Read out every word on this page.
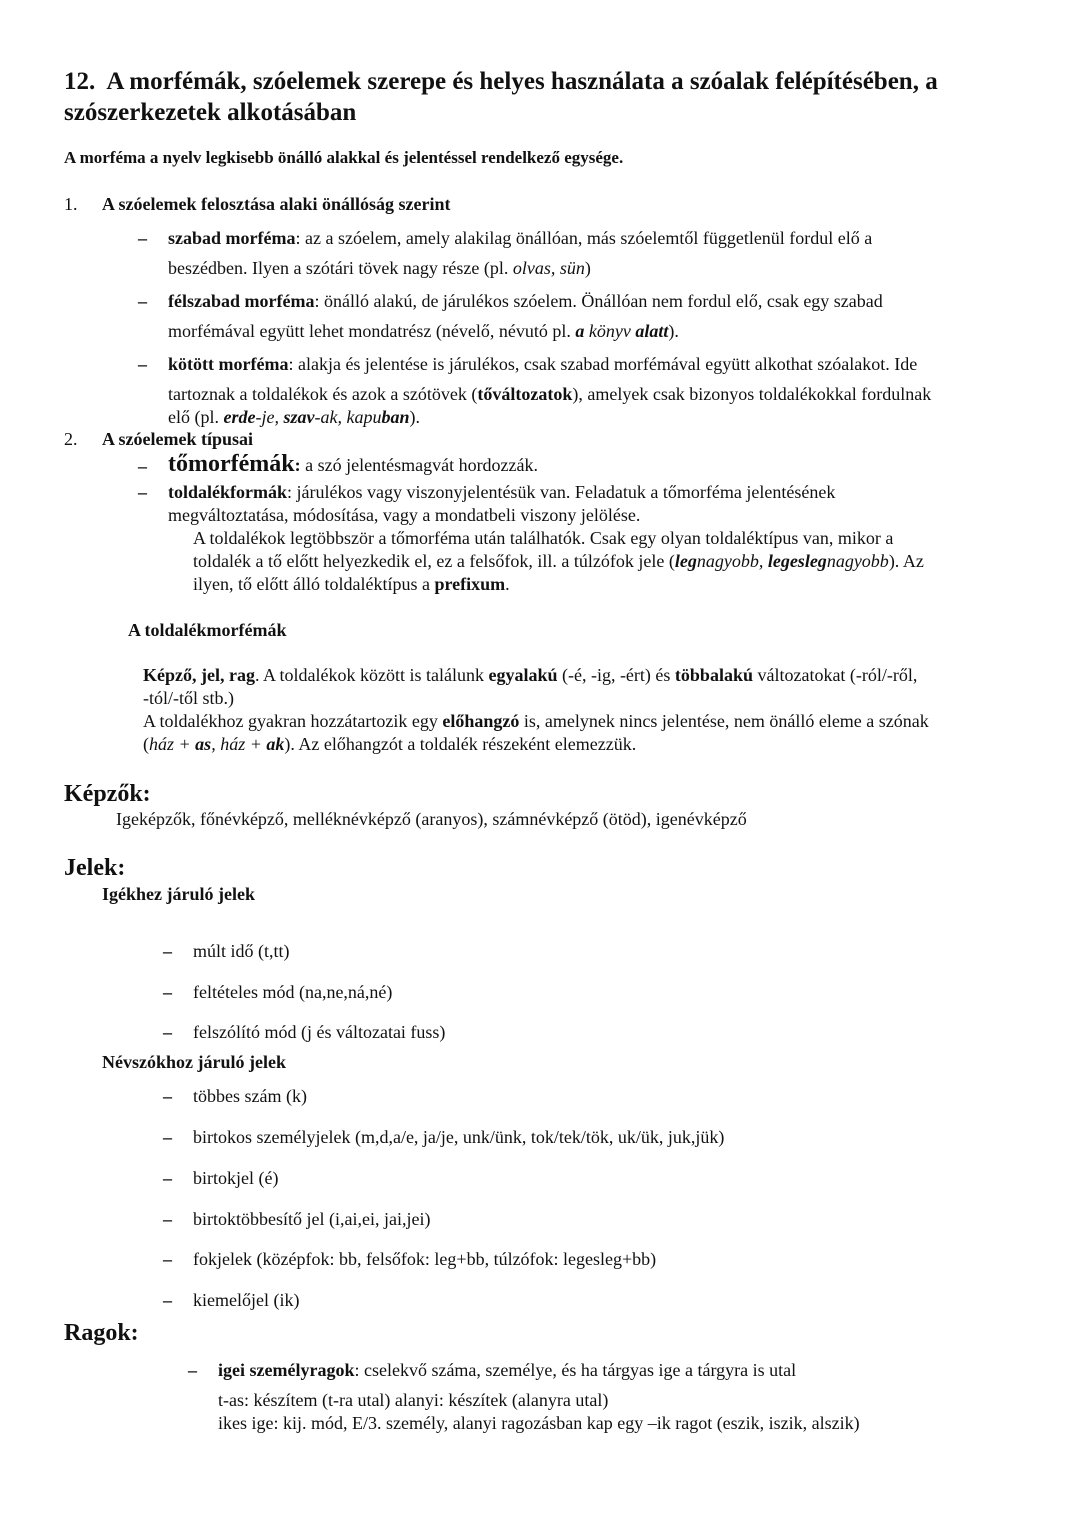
12. A morfémák, szóelemek szerepe és helyes használata a szóalak felépítésében, a
szószerkezetek alkotásában
A morféma a nyelv legkisebb önálló alakkal és jelentéssel rendelkező egysége.
1. A szóelemek felosztása alaki önállóság szerint
– szabad morféma: az a szóelem, amely alakilag önállóan, más szóelemtől függetlenül fordul elő a
beszédben. Ilyen a szótári tövek nagy része (pl. olvas, sün)
– félszabad morféma: önálló alakú, de járulékos szóelem. Önállóan nem fordul elő, csak egy szabad
morfémával együtt lehet mondatrész (névelő, névutó pl. a könyv alatt).
– kötött morféma: alakja és jelentése is járulékos, csak szabad morfémával együtt alkothat szóalakot. Ide
tartoznak a toldalékok és azok a szótövek (tőváltozatok), amelyek csak bizonyos toldalékokkal fordulnak
elő (pl. erde-je, szav-ak, kapuban).
2. A szóelemek típusai
– tőmorfémák: a szó jelentésmagvát hordozzák.
– toldalékformák: járulékos vagy viszonyjelentésük van. Feladatuk a tőmorféma jelentésének
megváltoztatása, módosítása, vagy a mondatbeli viszony jelölése.
A toldalékok legtöbbször a tőmorféma után találhatók. Csak egy olyan toldaléktípus van, mikor a
toldalék a tő előtt helyezkedik el, ez a felsőfok, ill. a túlzófok jele (legnagyobb, legeslegnagyobb). Az
ilyen, tő előtt álló toldaléktípus a prefixum.
A toldalékmorfémák
Képző, jel, rag. A toldalékok között is találunk egyalakú (-é, -ig, -ért) és többalakú változatokat (-ról/-ről,
-tól/-től stb.)
A toldalékhoz gyakran hozzátartozik egy előhangzó is, amelynek nincs jelentése, nem önálló eleme a szónak
(ház + as, ház + ak). Az előhangzót a toldalék részeként elemezzük.
Képzők:
Igeképzők, főnévképző, melléknévképző (aranyos), számnévképző (ötöd), igenévképző
Jelek:
Igékhez járuló jelek
– múlt idő (t,tt)
– feltételes mód (na,ne,ná,né)
– felszólító mód (j és változatai fuss)
Névszókhoz járuló jelek
– többes szám (k)
– birtokos személyjelek (m,d,a/e, ja/je, unk/ünk, tok/tek/tök, uk/ük, juk,jük)
– birtokjel (é)
– birtoktöbbesítő jel (i,ai,ei, jai,jei)
– fokjelek (középfok: bb, felsőfok: leg+bb, túlzófok: legesleg+bb)
– kiemelőjel (ik)
Ragok:
– igei személyragok: cselekvő száma, személye, és ha tárgyas ige a tárgyra is utal
t-as: készítem (t-ra utal) alanyi: készítek (alanyra utal)
ikes ige: kij. mód, E/3. személy, alanyi ragozásban kap egy –ik ragot (eszik, iszik, alszik)
